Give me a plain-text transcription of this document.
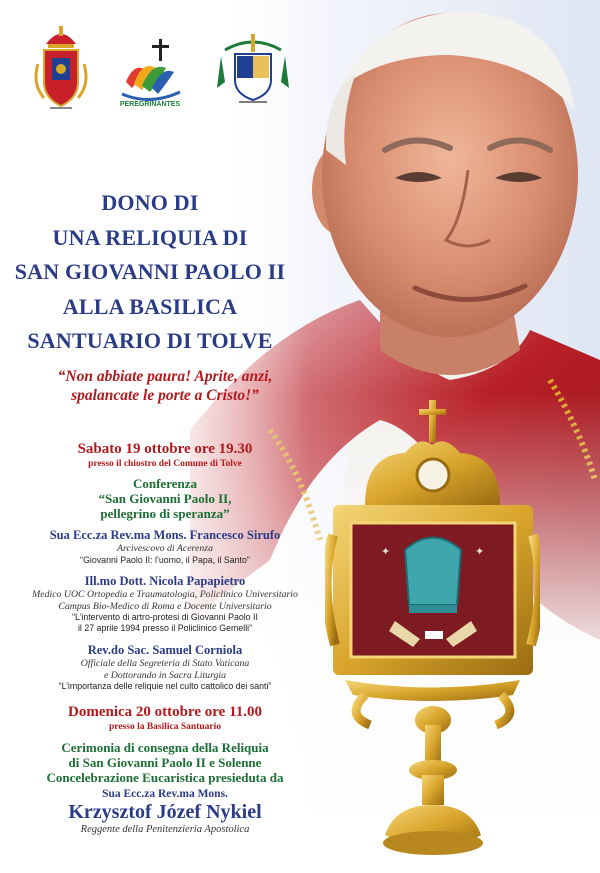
PEREGRINANTES
DONO DI
UNA RELIQUIA DI
SAN GIOVANNI PAOLO II
ALLA BASILICA
SANTUARIO DI TOLVE
“Non abbiate paura! Aprite, anzi,
spalancate le porte a Cristo!”
Sabato 19 ottobre ore 19.30
presso il chiostro del Comune di Tolve
Conferenza
“San Giovanni Paolo II,
pellegrino di speranza”
Sua Ecc.za Rev.ma Mons. Francesco Sirufo
Arcivescovo di Acerenza
“Giovanni Paolo II: l’uomo, il Papa, il Santo”
Ill.mo Dott. Nicola Papapietro
Medico UOC Ortopedia e Traumatologia, Policlinico Universitario
Campus Bio-Medico di Roma e Docente Universitario
“L’intervento di artro-protesi di Giovanni Paolo II
il 27 aprile 1994 presso il Policlinico Gemelli”
Rev.do Sac. Samuel Corniola
Officiale della Segreteria di Stato Vaticana
e Dottorando in Sacra Liturgia
“L’importanza delle reliquie nel culto cattolico dei santi”
Domenica 20 ottobre ore 11.00
presso la Basilica Santuario
Cerimonia di consegna della Reliquia
di San Giovanni Paolo II e Solenne
Concelebrazione Eucaristica presieduta da
Sua Ecc.za Rev.ma Mons.
Krzysztof Józef Nykiel
Reggente della Penitenzieria Apostolica
✦	✦
